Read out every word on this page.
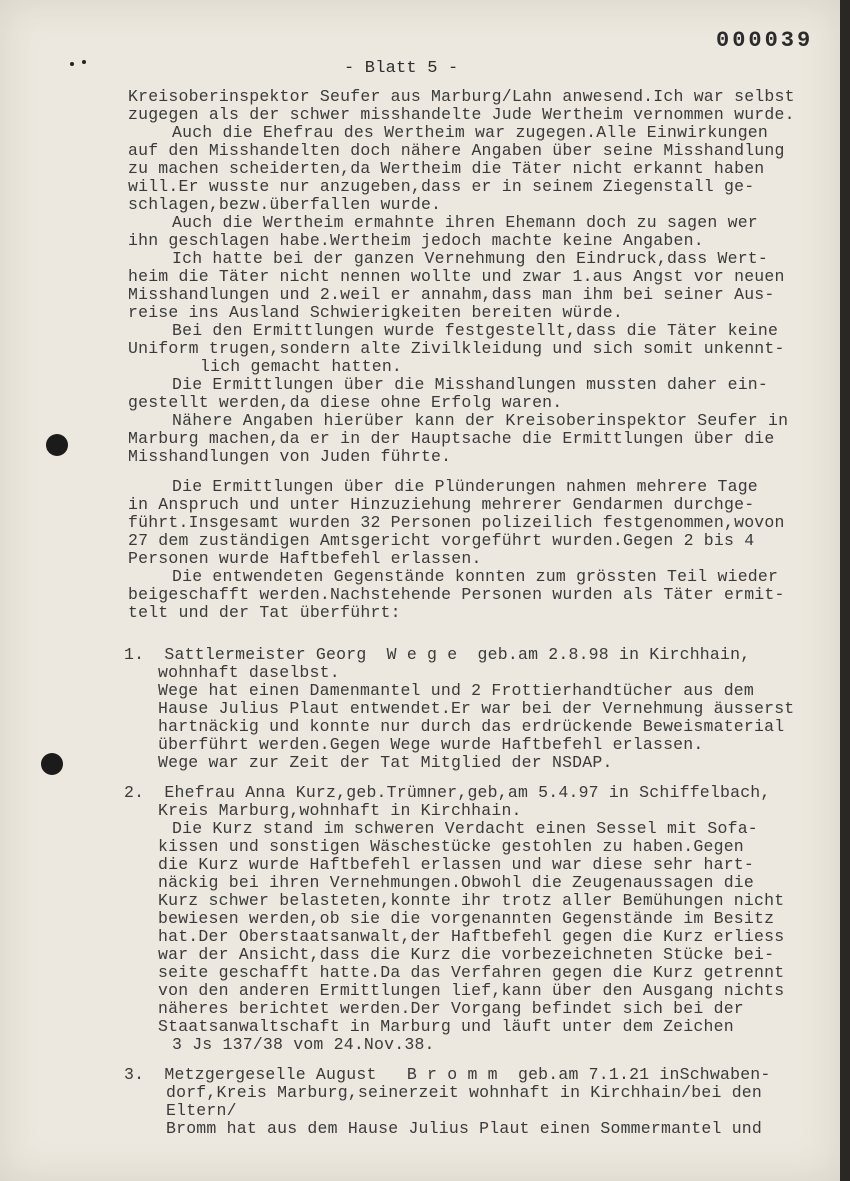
000039
- Blatt 5 -
Kreisoberinspektor Seufer aus Marburg/Lahn anwesend.Ich war selbst
zugegen als der schwer misshandelte Jude Wertheim vernommen wurde.
Auch die Ehefrau des Wertheim war zugegen.Alle Einwirkungen
auf den Misshandelten doch nähere Angaben über seine Misshandlung
zu machen scheiderten,da Wertheim die Täter nicht erkannt haben
will.Er wusste nur anzugeben,dass er in seinem Ziegenstall ge-
schlagen,bezw.überfallen wurde.
Auch die Wertheim ermahnte ihren Ehemann doch zu sagen wer
ihn geschlagen habe.Wertheim jedoch machte keine Angaben.
Ich hatte bei der ganzen Vernehmung den Eindruck,dass Wert-
heim die Täter nicht nennen wollte und zwar 1.aus Angst vor neuen
Misshandlungen und 2.weil er annahm,dass man ihm bei seiner Aus-
reise ins Ausland Schwierigkeiten bereiten würde.
Bei den Ermittlungen wurde festgestellt,dass die Täter keine
Uniform trugen,sondern alte Zivilkleidung und sich somit unkennt-
lich gemacht hatten.
Die Ermittlungen über die Misshandlungen mussten daher ein-
gestellt werden,da diese ohne Erfolg waren.
Nähere Angaben hierüber kann der Kreisoberinspektor Seufer in
Marburg machen,da er in der Hauptsache die Ermittlungen über die
Misshandlungen von Juden führte.
Die Ermittlungen über die Plünderungen nahmen mehrere Tage
in Anspruch und unter Hinzuziehung mehrerer Gendarmen durchge-
führt.Insgesamt wurden 32 Personen polizeilich festgenommen,wovon
27 dem zuständigen Amtsgericht vorgeführt wurden.Gegen 2 bis 4
Personen wurde Haftbefehl erlassen.
Die entwendeten Gegenstände konnten zum grössten Teil wieder
beigeschafft werden.Nachstehende Personen wurden als Täter ermit-
telt und der Tat überführt:
1.  Sattlermeister Georg  W e g e  geb.am 2.8.98 in Kirchhain,
wohnhaft daselbst.
Wege hat einen Damenmantel und 2 Frottierhandtücher aus dem
Hause Julius Plaut entwendet.Er war bei der Vernehmung äusserst
hartnäckig und konnte nur durch das erdrückende Beweismaterial
überführt werden.Gegen Wege wurde Haftbefehl erlassen.
Wege war zur Zeit der Tat Mitglied der NSDAP.
2.  Ehefrau Anna Kurz,geb.Trümner,geb,am 5.4.97 in Schiffelbach,
Kreis Marburg,wohnhaft in Kirchhain.
Die Kurz stand im schweren Verdacht einen Sessel mit Sofa-
kissen und sonstigen Wäschestücke gestohlen zu haben.Gegen
die Kurz wurde Haftbefehl erlassen und war diese sehr hart-
näckig bei ihren Vernehmungen.Obwohl die Zeugenaussagen die
Kurz schwer belasteten,konnte ihr trotz aller Bemühungen nicht
bewiesen werden,ob sie die vorgenannten Gegenstände im Besitz
hat.Der Oberstaatsanwalt,der Haftbefehl gegen die Kurz erliess
war der Ansicht,dass die Kurz die vorbezeichneten Stücke bei-
seite geschafft hatte.Da das Verfahren gegen die Kurz getrennt
von den anderen Ermittlungen lief,kann über den Ausgang nichts
näheres berichtet werden.Der Vorgang befindet sich bei der
Staatsanwaltschaft in Marburg und läuft unter dem Zeichen
3 Js 137/38 vom 24.Nov.38.
3.  Metzgergeselle August   B r o m m  geb.am 7.1.21 inSchwaben-
dorf,Kreis Marburg,seinerzeit wohnhaft in Kirchhain/bei den
Eltern/
Bromm hat aus dem Hause Julius Plaut einen Sommermantel und
